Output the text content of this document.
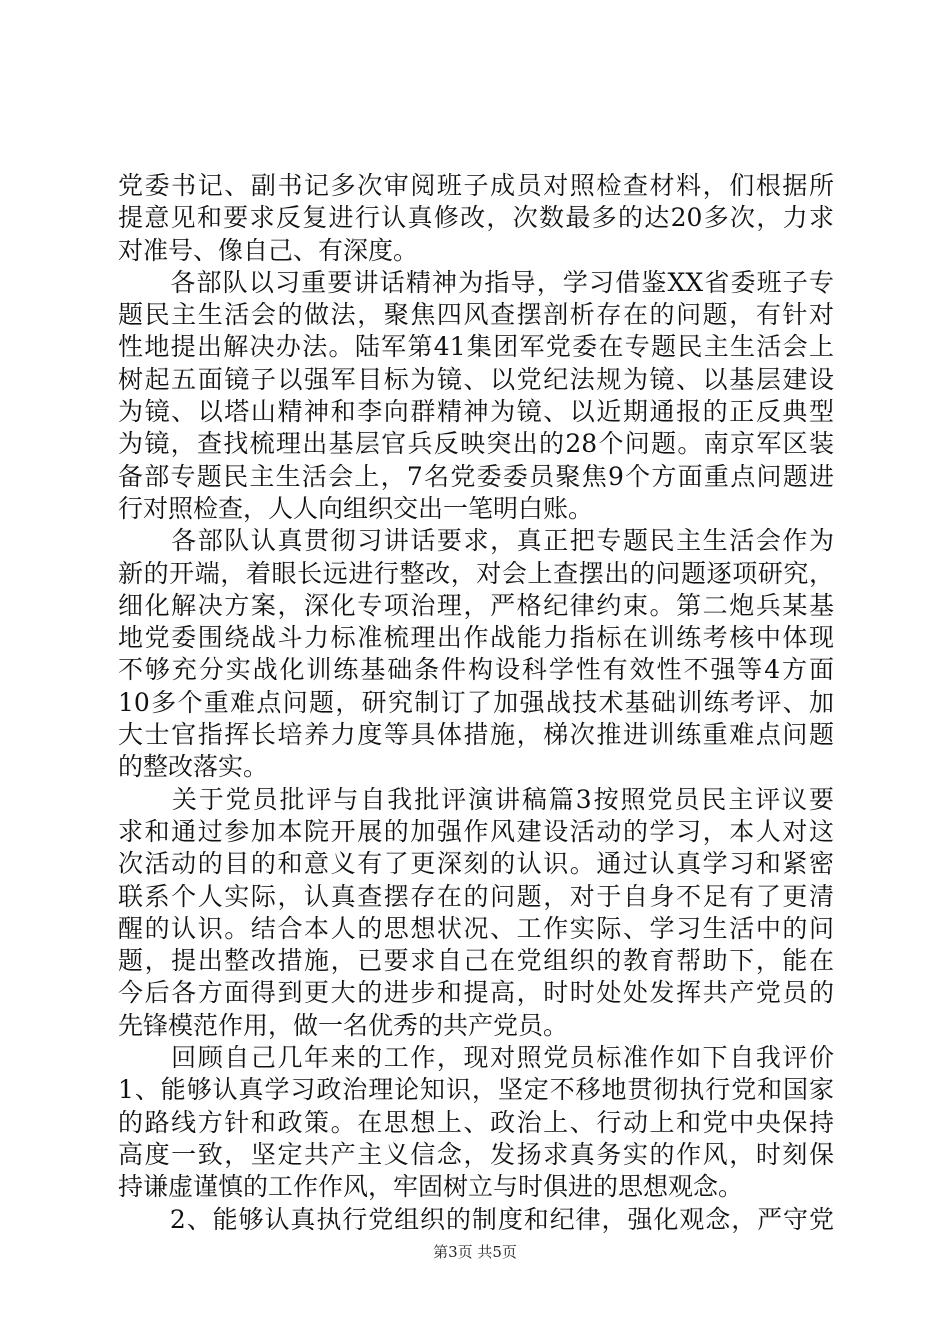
党委书记、副书记多次审阅班子成员对照检查材料，们根据所
提意见和要求反复进行认真修改，次数最多的达20多次，力求
对准号、像自己、有深度。
　　各部队以习重要讲话精神为指导，学习借鉴XX省委班子专
题民主生活会的做法，聚焦四风查摆剖析存在的问题，有针对
性地提出解决办法。陆军第41集团军党委在专题民主生活会上
树起五面镜子以强军目标为镜、以党纪法规为镜、以基层建设
为镜、以塔山精神和李向群精神为镜、以近期通报的正反典型
为镜，查找梳理出基层官兵反映突出的28个问题。南京军区装
备部专题民主生活会上，7名党委委员聚焦9个方面重点问题进
行对照检查，人人向组织交出一笔明白账。
　　各部队认真贯彻习讲话要求，真正把专题民主生活会作为
新的开端，着眼长远进行整改，对会上查摆出的问题逐项研究，
细化解决方案，深化专项治理，严格纪律约束。第二炮兵某基
地党委围绕战斗力标准梳理出作战能力指标在训练考核中体现
不够充分实战化训练基础条件构设科学性有效性不强等4方面
10多个重难点问题，研究制订了加强战技术基础训练考评、加
大士官指挥长培养力度等具体措施，梯次推进训练重难点问题
的整改落实。
　　关于党员批评与自我批评演讲稿篇3按照党员民主评议要
求和通过参加本院开展的加强作风建设活动的学习，本人对这
次活动的目的和意义有了更深刻的认识。通过认真学习和紧密
联系个人实际，认真查摆存在的问题，对于自身不足有了更清
醒的认识。结合本人的思想状况、工作实际、学习生活中的问
题，提出整改措施，已要求自己在党组织的教育帮助下，能在
今后各方面得到更大的进步和提高，时时处处发挥共产党员的
先锋模范作用，做一名优秀的共产党员。
　　回顾自己几年来的工作，现对照党员标准作如下自我评价
1、能够认真学习政治理论知识，坚定不移地贯彻执行党和国家
的路线方针和政策。在思想上、政治上、行动上和党中央保持
高度一致，坚定共产主义信念，发扬求真务实的作风，时刻保
持谦虚谨慎的工作作风，牢固树立与时俱进的思想观念。
　　2、能够认真执行党组织的制度和纪律，强化观念，严守党
第3页 共5页
